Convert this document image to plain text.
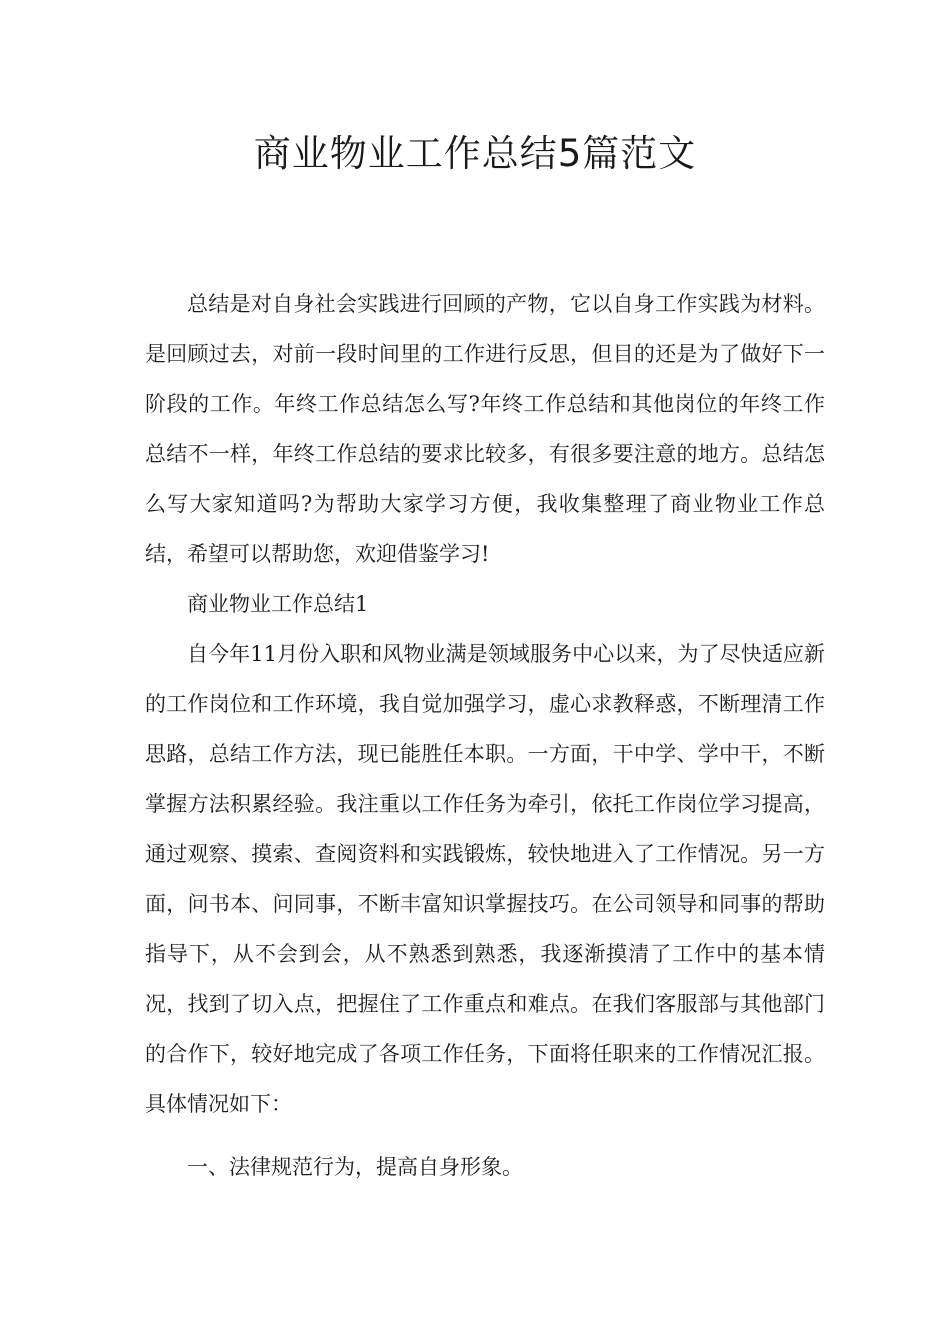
商业物业工作总结5篇范文

总结是对自身社会实践进行回顾的产物，它以自身工作实践为材料。是回顾过去，对前一段时间里的工作进行反思，但目的还是为了做好下一阶段的工作。年终工作总结怎么写?年终工作总结和其他岗位的年终工作总结不一样，年终工作总结的要求比较多，有很多要注意的地方。总结怎么写大家知道吗?为帮助大家学习方便，我收集整理了商业物业工作总结，希望可以帮助您，欢迎借鉴学习!

商业物业工作总结1

自今年11月份入职和风物业满是领域服务中心以来，为了尽快适应新的工作岗位和工作环境，我自觉加强学习，虚心求教释惑，不断理清工作思路，总结工作方法，现已能胜任本职。一方面，干中学、学中干，不断掌握方法积累经验。我注重以工作任务为牵引，依托工作岗位学习提高，通过观察、摸索、查阅资料和实践锻炼，较快地进入了工作情况。另一方面，问书本、问同事，不断丰富知识掌握技巧。在公司领导和同事的帮助指导下，从不会到会，从不熟悉到熟悉，我逐渐摸清了工作中的基本情况，找到了切入点，把握住了工作重点和难点。在我们客服部与其他部门的合作下，较好地完成了各项工作任务，下面将任职来的工作情况汇报。具体情况如下：

一、法律规范行为，提高自身形象。
